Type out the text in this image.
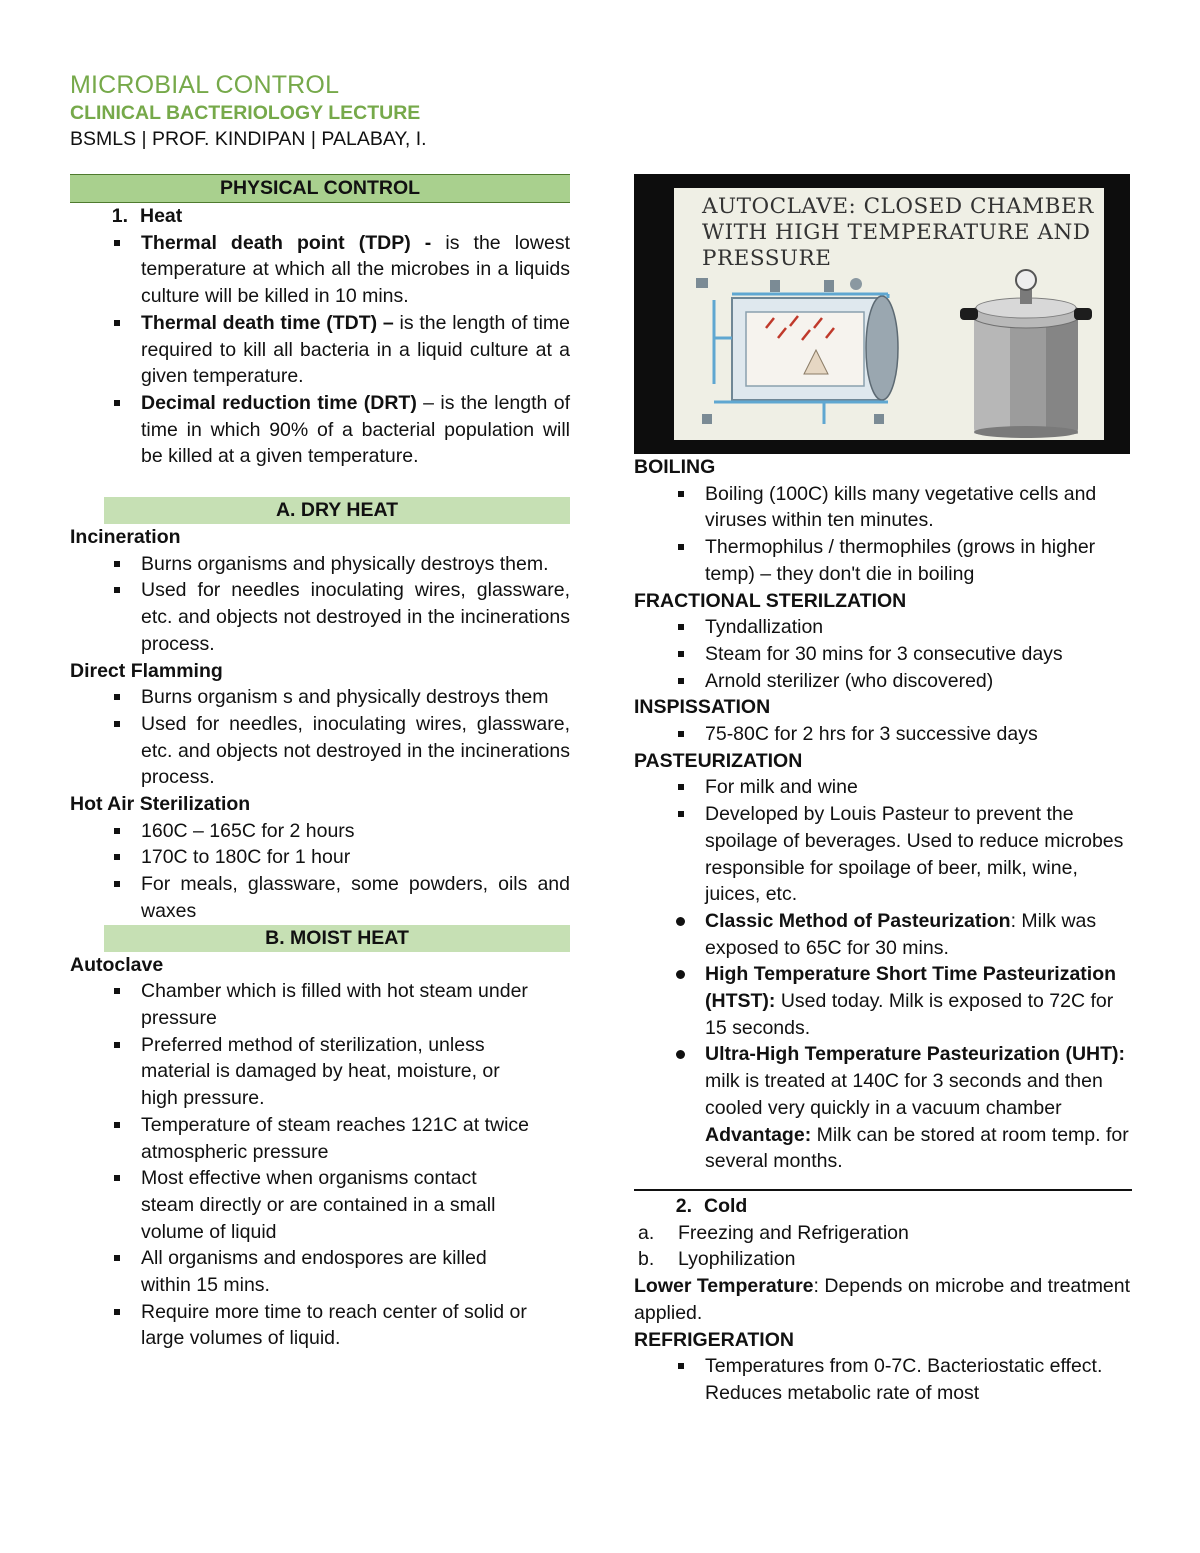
MICROBIAL CONTROL
CLINICAL BACTERIOLOGY LECTURE
BSMLS | PROF. KINDIPAN | PALABAY, I.
PHYSICAL CONTROL
1. Heat
Thermal death point (TDP) - is the lowest temperature at which all the microbes in a liquids culture will be killed in 10 mins.
Thermal death time (TDT) – is the length of time required to kill all bacteria in a liquid culture at a given temperature.
Decimal reduction time (DRT) – is the length of time in which 90% of a bacterial population will be killed at a given temperature.
A. DRY HEAT
Incineration
Burns organisms and physically destroys them.
Used for needles inoculating wires, glassware, etc. and objects not destroyed in the incinerations process.
Direct Flamming
Burns organism s and physically destroys them
Used for needles, inoculating wires, glassware, etc. and objects not destroyed in the incinerations process.
Hot Air Sterilization
160C – 165C for 2 hours
170C to 180C for 1 hour
For meals, glassware, some powders, oils and waxes
B. MOIST HEAT
Autoclave
Chamber which is filled with hot steam under pressure
Preferred method of sterilization, unless material is damaged by heat, moisture, or high pressure.
Temperature of steam reaches 121C at twice atmospheric pressure
Most effective when organisms contact steam directly or are contained in a small volume of liquid
All organisms and endospores are killed within 15 mins.
Require more time to reach center of solid or large volumes of liquid.
AUTOCLAVE: CLOSED CHAMBER WITH HIGH TEMPERATURE AND PRESSURE
BOILING
Boiling (100C) kills many vegetative cells and viruses within ten minutes.
Thermophilus / thermophiles (grows in higher temp) – they don't die in boiling
FRACTIONAL STERILZATION
Tyndallization
Steam for 30 mins for 3 consecutive days
Arnold sterilizer (who discovered)
INSPISSATION
75-80C for 2 hrs for 3 successive days
PASTEURIZATION
For milk and wine
Developed by Louis Pasteur to prevent the spoilage of beverages. Used to reduce microbes responsible for spoilage of beer, milk, wine, juices, etc.
Classic Method of Pasteurization: Milk was exposed to 65C for 30 mins.
High Temperature Short Time Pasteurization (HTST): Used today. Milk is exposed to 72C for 15 seconds.
Ultra-High Temperature Pasteurization (UHT): milk is treated at 140C for 3 seconds and then cooled very quickly in a vacuum chamber
Advantage: Milk can be stored at room temp. for several months.
2. Cold
a. Freezing and Refrigeration
b. Lyophilization
Lower Temperature: Depends on microbe and treatment applied.
REFRIGERATION
Temperatures from 0-7C. Bacteriostatic effect. Reduces metabolic rate of most
